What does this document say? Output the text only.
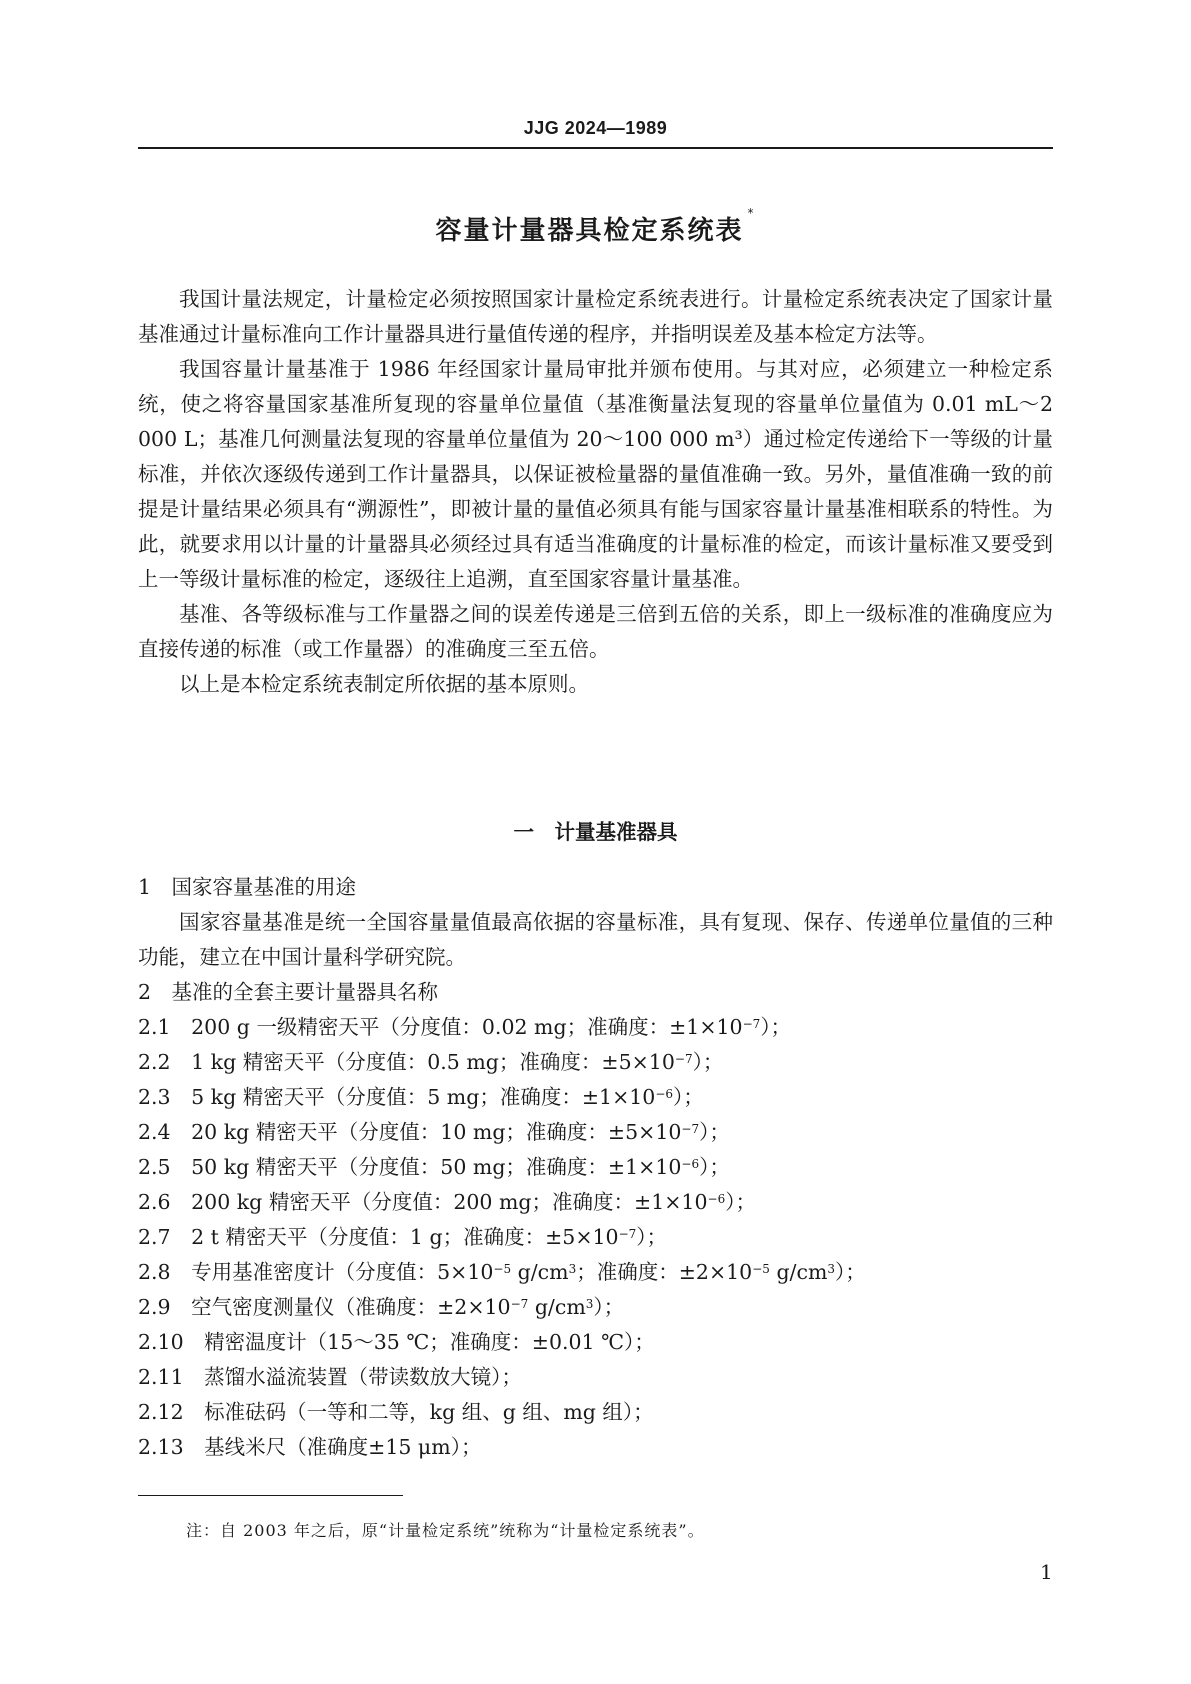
JJG 2024—1989
容量计量器具检定系统表*

我国计量法规定，计量检定必须按照国家计量检定系统表进行。计量检定系统表决定了国家计量基准通过计量标准向工作计量器具进行量值传递的程序，并指明误差及基本检定方法等。

我国容量计量基准于 1986 年经国家计量局审批并颁布使用。与其对应，必须建立一种检定系统，使之将容量国家基准所复现的容量单位量值（基准衡量法复现的容量单位量值为 0.01 mL～2 000 L；基准几何测量法复现的容量单位量值为 20～100 000 m³）通过检定传递给下一等级的计量标准，并依次逐级传递到工作计量器具，以保证被检量器的量值准确一致。另外，量值准确一致的前提是计量结果必须具有“溯源性”，即被计量的量值必须具有能与国家容量计量基准相联系的特性。为此，就要求用以计量的计量器具必须经过具有适当准确度的计量标准的检定，而该计量标准又要受到上一等级计量标准的检定，逐级往上追溯，直至国家容量计量基准。

基准、各等级标准与工作量器之间的误差传递是三倍到五倍的关系，即上一级标准的准确度应为直接传递的标准（或工作量器）的准确度三至五倍。

以上是本检定系统表制定所依据的基本原则。

一　计量基准器具

1　 国家容量基准的用途

国家容量基准是统一全国容量量值最高依据的容量标准，具有复现、保存、传递单位量值的三种功能，建立在中国计量科学研究院。

2　 基准的全套主要计量器具名称

2.1　 200 g 一级精密天平（分度值：0.02 mg；准确度：$\pm 1\times 10^{-7}$）；

2.2　 1 kg 精密天平（分度值：0.5 mg；准确度：$\pm 5\times 10^{-7}$）；

2.3　 5 kg 精密天平（分度值：5 mg；准确度：$\pm 1\times 10^{-6}$）；

2.4　 20 kg 精密天平（分度值：10 mg；准确度：$\pm 5\times 10^{-7}$）；

2.5　 50 kg 精密天平（分度值：50 mg；准确度：$\pm 1\times 10^{-6}$）；

2.6　 200 kg 精密天平（分度值：200 mg；准确度：$\pm 1\times 10^{-6}$）；

2.7　 2 t 精密天平（分度值：1 g；准确度：$\pm 5\times 10^{-7}$）；

2.8　 专用基准密度计（分度值：$5\times 10^{-5}$ $g/cm^3$；准确度：$\pm 2\times 10^{-5}$ $g/cm^3$）；

2.9　 空气密度测量仪（准确度：$\pm 2\times 10^{-7}$ $g/cm^3$）；

2.10　 精密温度计（15～35 ℃；准确度：±0.01 ℃）；

2.11　 蒸馏水溢流装置（带读数放大镜）；

2.12　 标准砝码（一等和二等，kg 组、g 组、mg 组）；

2.13　 基线米尺（准确度±15 μm）；

注：自 2003 年之后，原“计量检定系统”统称为“计量检定系统表”。
1
